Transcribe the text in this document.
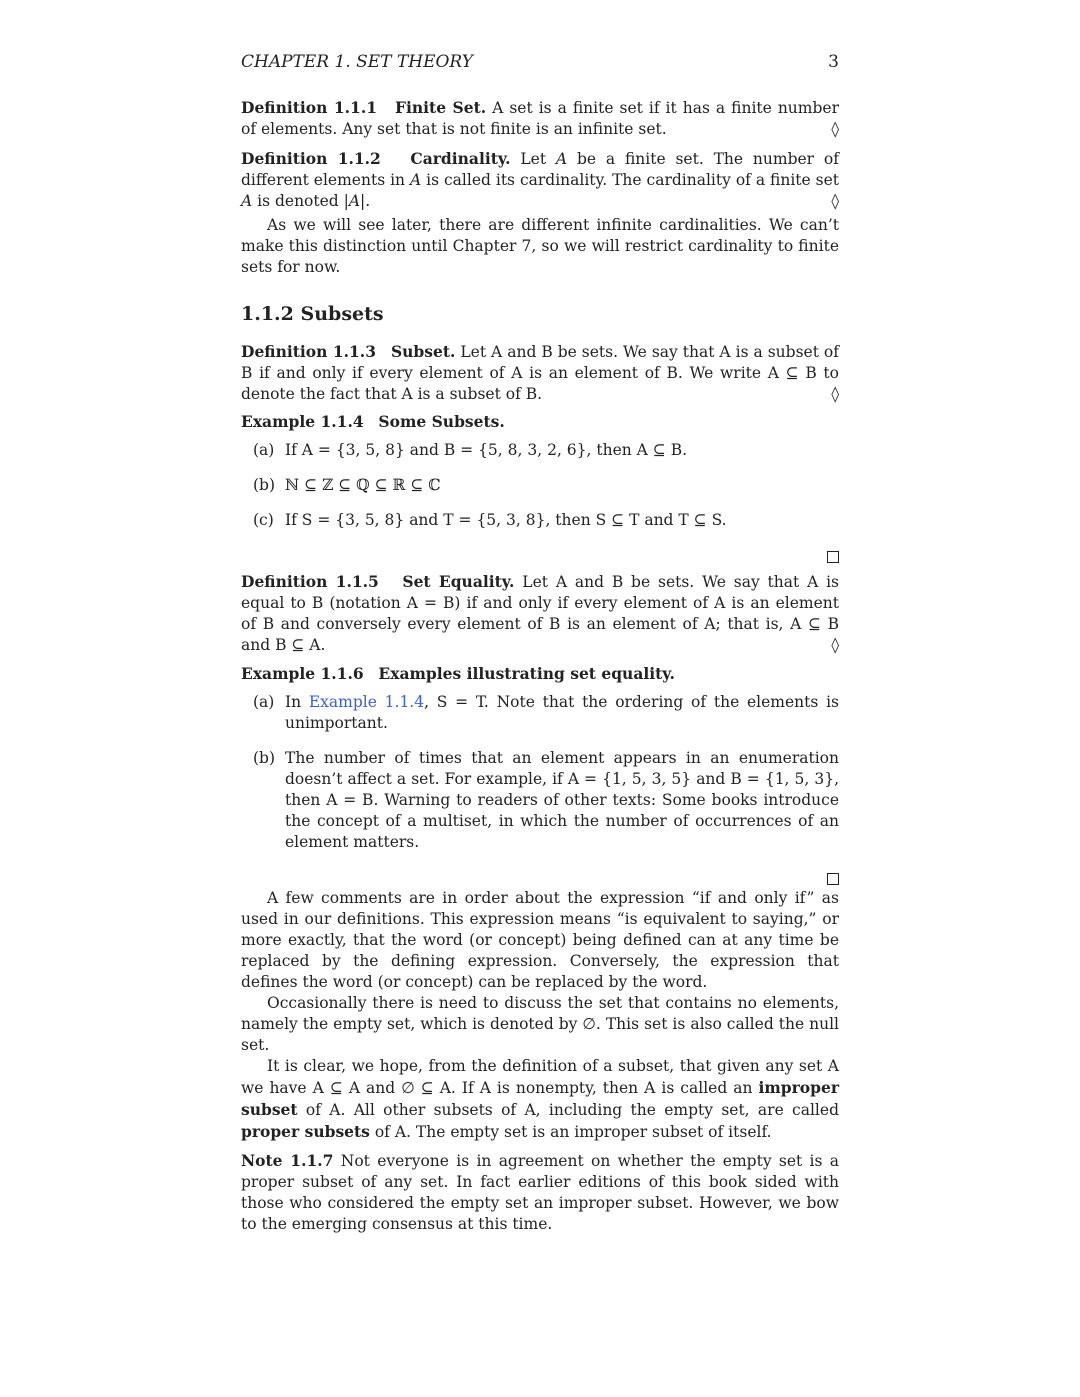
CHAPTER 1. SET THEORY	3

Definition 1.1.1 Finite Set. A set is a finite set if it has a finite number of elements. Any set that is not finite is an infinite set.	◊

Definition 1.1.2 Cardinality. Let A be a finite set. The number of different elements in A is called its cardinality. The cardinality of a finite set A is denoted |A|.	◊

As we will see later, there are different infinite cardinalities. We can’t make this distinction until Chapter 7, so we will restrict cardinality to finite sets for now.

1.1.2 Subsets

Definition 1.1.3 Subset. Let A and B be sets. We say that A is a subset of B if and only if every element of A is an element of B. We write A ⊆ B to denote the fact that A is a subset of B.	◊

Example 1.1.4 Some Subsets.
(a) If A = {3, 5, 8} and B = {5, 8, 3, 2, 6}, then A ⊆ B.

(b) ℕ ⊆ ℤ ⊆ ℚ ⊆ ℝ ⊆ ℂ

(c) If S = {3, 5, 8} and T = {5, 3, 8}, then S ⊆ T and T ⊆ S.

Definition 1.1.5 Set Equality. Let A and B be sets. We say that A is equal to B (notation A = B) if and only if every element of A is an element of B and conversely every element of B is an element of A; that is, A ⊆ B and B ⊆ A.	◊

Example 1.1.6 Examples illustrating set equality.
(a) In Example 1.1.4, S = T. Note that the ordering of the elements is unimportant.

(b) The number of times that an element appears in an enumeration doesn’t affect a set. For example, if A = {1, 5, 3, 5} and B = {1, 5, 3}, then A = B. Warning to readers of other texts: Some books introduce the concept of a multiset, in which the number of occurrences of an element matters.

A few comments are in order about the expression “if and only if” as used in our definitions. This expression means “is equivalent to saying,” or more exactly, that the word (or concept) being defined can at any time be replaced by the defining expression. Conversely, the expression that defines the word (or concept) can be replaced by the word.

Occasionally there is need to discuss the set that contains no elements, namely the empty set, which is denoted by ∅. This set is also called the null set.

It is clear, we hope, from the definition of a subset, that given any set A we have A ⊆ A and ∅ ⊆ A. If A is nonempty, then A is called an improper subset of A. All other subsets of A, including the empty set, are called proper subsets of A. The empty set is an improper subset of itself.

Note 1.1.7 Not everyone is in agreement on whether the empty set is a proper subset of any set. In fact earlier editions of this book sided with those who considered the empty set an improper subset. However, we bow to the emerging consensus at this time.
